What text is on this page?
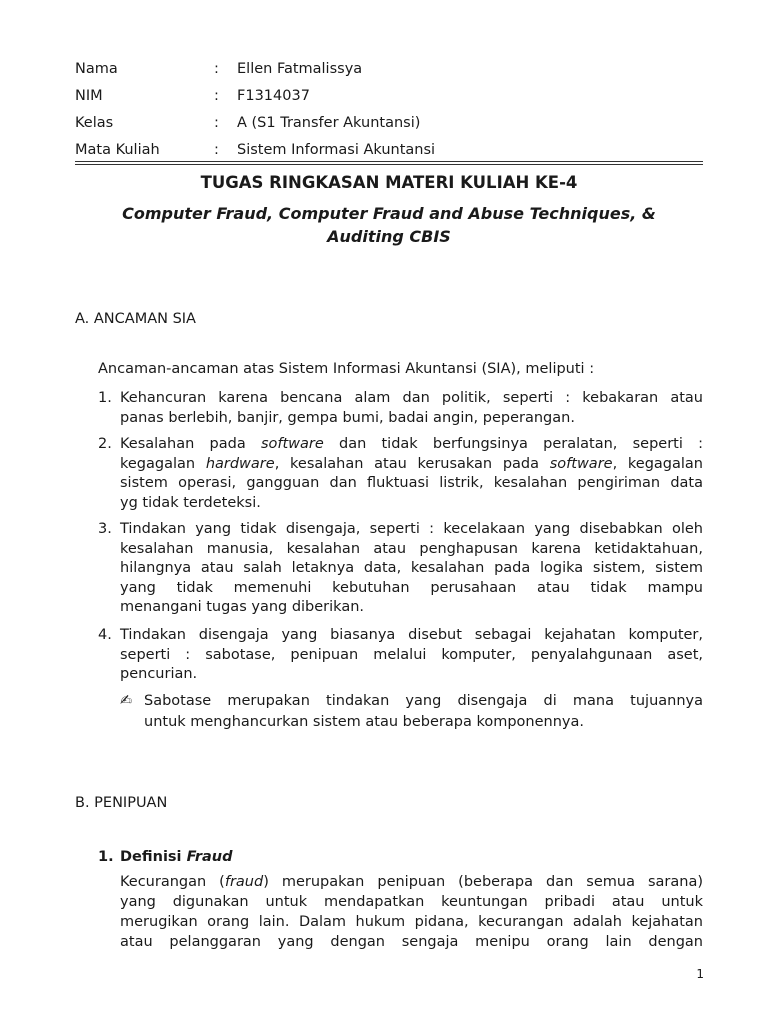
Nama	: Ellen Fatmalissya
NIM	: F1314037
Kelas	: A (S1 Transfer Akuntansi)
Mata Kuliah	: Sistem Informasi Akuntansi
TUGAS RINGKASAN MATERI KULIAH KE-4
Computer Fraud, Computer Fraud and Abuse Techniques, &
Auditing CBIS
A. ANCAMAN SIA
Ancaman-ancaman atas Sistem Informasi Akuntansi (SIA), meliputi :
1. Kehancuran karena bencana alam dan politik, seperti : kebakaran atau
panas berlebih, banjir, gempa bumi, badai angin, peperangan.
2. Kesalahan pada software dan tidak berfungsinya peralatan, seperti :
kegagalan hardware, kesalahan atau kerusakan pada software, kegagalan
sistem operasi, gangguan dan fluktuasi listrik, kesalahan pengiriman data
yg tidak terdeteksi.
3. Tindakan yang tidak disengaja, seperti : kecelakaan yang disebabkan oleh
kesalahan manusia, kesalahan atau penghapusan karena ketidaktahuan,
hilangnya atau salah letaknya data, kesalahan pada logika sistem, sistem
yang tidak memenuhi kebutuhan perusahaan atau tidak mampu
menangani tugas yang diberikan.
4. Tindakan disengaja yang biasanya disebut sebagai kejahatan komputer,
seperti : sabotase, penipuan melalui komputer, penyalahgunaan aset,
pencurian.
✍ Sabotase merupakan tindakan yang disengaja di mana tujuannya
untuk menghancurkan sistem atau beberapa komponennya.
B. PENIPUAN
1. Definisi Fraud
Kecurangan (fraud) merupakan penipuan (beberapa dan semua sarana)
yang digunakan untuk mendapatkan keuntungan pribadi atau untuk
merugikan orang lain. Dalam hukum pidana, kecurangan adalah kejahatan
atau pelanggaran yang dengan sengaja menipu orang lain dengan
1
